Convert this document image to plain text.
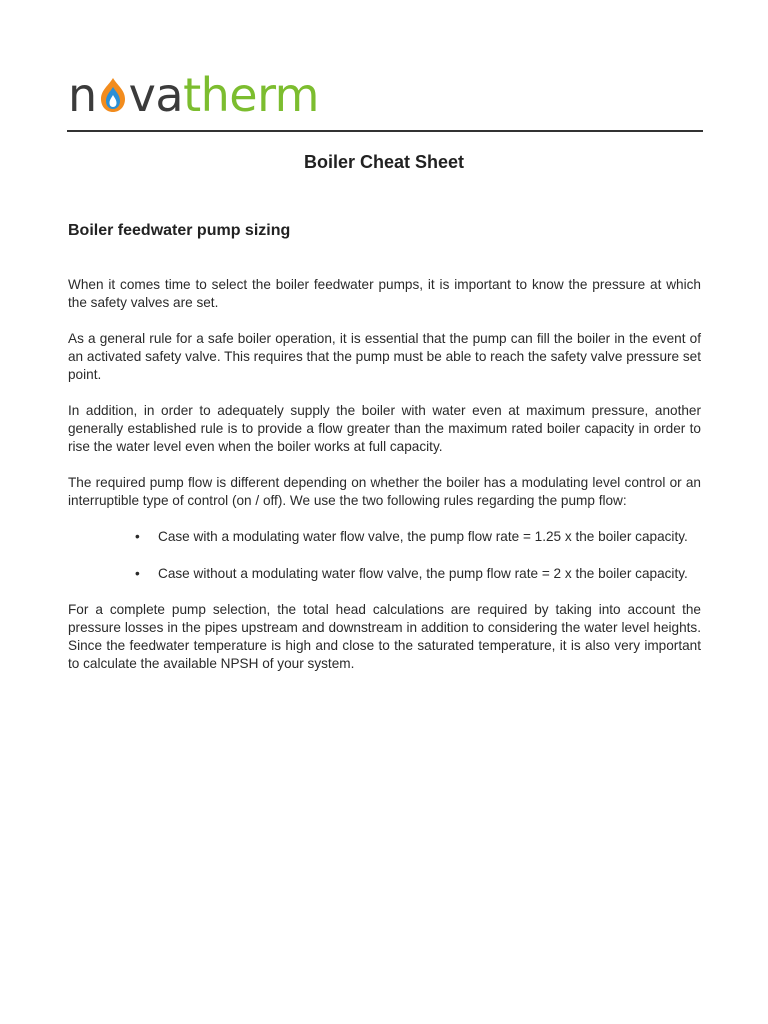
n va therm
Boiler Cheat Sheet
Boiler feedwater pump sizing

When it comes time to select the boiler feedwater pumps, it is important to know the pressure at which the safety valves are set.

As a general rule for a safe boiler operation, it is essential that the pump can fill the boiler in the event of an activated safety valve. This requires that the pump must be able to reach the safety valve pressure set point.

In addition, in order to adequately supply the boiler with water even at maximum pressure, another generally established rule is to provide a flow greater than the maximum rated boiler capacity in order to rise the water level even when the boiler works at full capacity.

The required pump flow is different depending on whether the boiler has a modulating level control or an interruptible type of control (on / off). We use the two following rules regarding the pump flow:

• Case with a modulating water flow valve, the pump flow rate = 1.25 x the boiler capacity.
• Case without a modulating water flow valve, the pump flow rate = 2 x the boiler capacity.

For a complete pump selection, the total head calculations are required by taking into account the pressure losses in the pipes upstream and downstream in addition to considering the water level heights. Since the feedwater temperature is high and close to the saturated temperature, it is also very important to calculate the available NPSH of your system.
